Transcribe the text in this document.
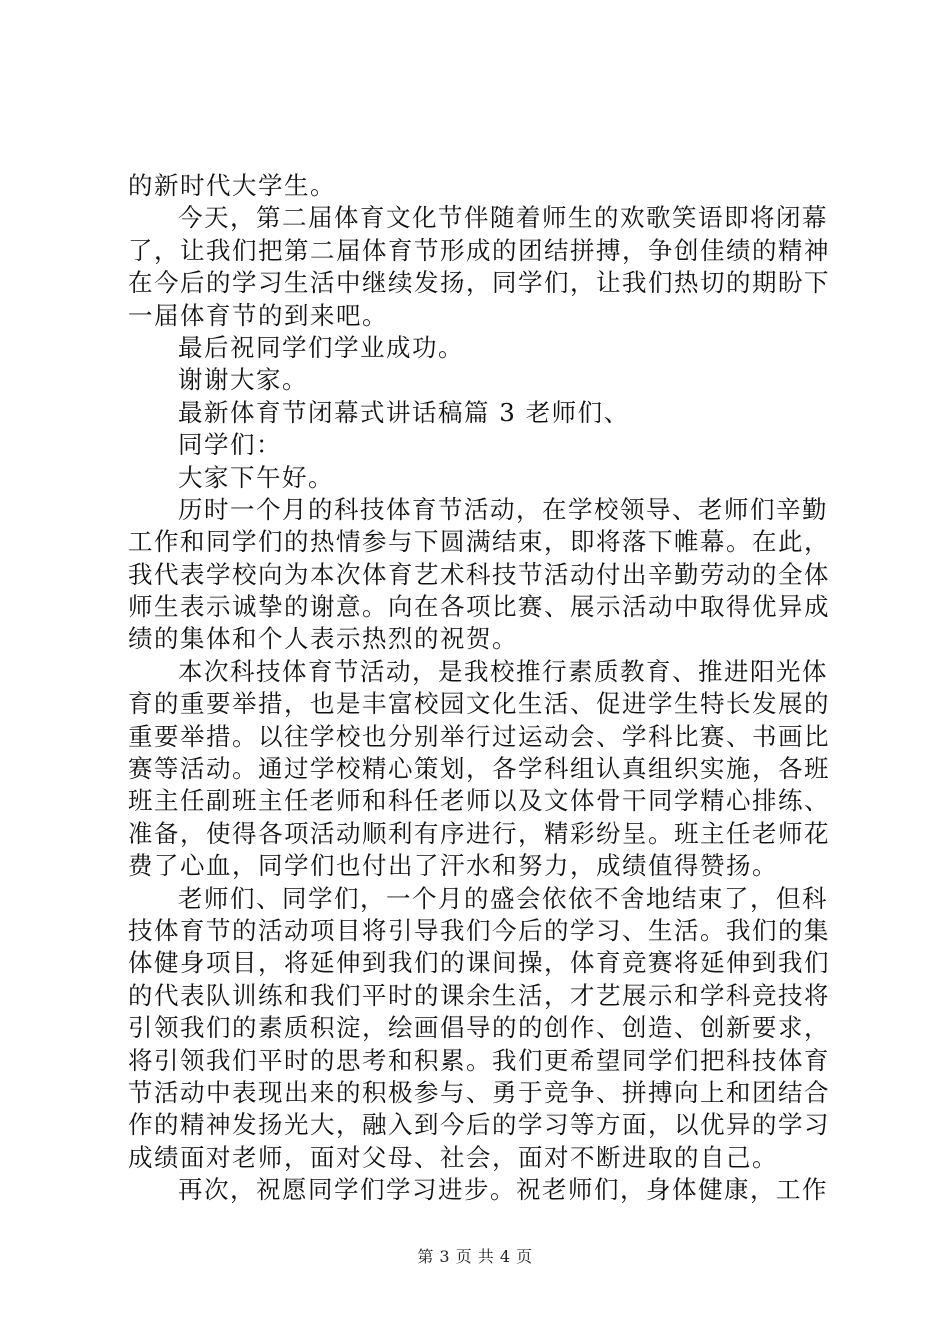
的新时代大学生。
今天，第二届体育文化节伴随着师生的欢歌笑语即将闭幕
了，让我们把第二届体育节形成的团结拼搏，争创佳绩的精神
在今后的学习生活中继续发扬，同学们，让我们热切的期盼下
一届体育节的到来吧。
最后祝同学们学业成功。
谢谢大家。
最新体育节闭幕式讲话稿篇 3 老师们、
同学们：
大家下午好。
历时一个月的科技体育节活动，在学校领导、老师们辛勤
工作和同学们的热情参与下圆满结束，即将落下帷幕。在此，
我代表学校向为本次体育艺术科技节活动付出辛勤劳动的全体
师生表示诚挚的谢意。向在各项比赛、展示活动中取得优异成
绩的集体和个人表示热烈的祝贺。
本次科技体育节活动，是我校推行素质教育、推进阳光体
育的重要举措，也是丰富校园文化生活、促进学生特长发展的
重要举措。以往学校也分别举行过运动会、学科比赛、书画比
赛等活动。通过学校精心策划，各学科组认真组织实施，各班
班主任副班主任老师和科任老师以及文体骨干同学精心排练、
准备，使得各项活动顺利有序进行，精彩纷呈。班主任老师花
费了心血，同学们也付出了汗水和努力，成绩值得赞扬。
老师们、同学们，一个月的盛会依依不舍地结束了，但科
技体育节的活动项目将引导我们今后的学习、生活。我们的集
体健身项目，将延伸到我们的课间操，体育竞赛将延伸到我们
的代表队训练和我们平时的课余生活，才艺展示和学科竞技将
引领我们的素质积淀，绘画倡导的的创作、创造、创新要求，
将引领我们平时的思考和积累。我们更希望同学们把科技体育
节活动中表现出来的积极参与、勇于竞争、拼搏向上和团结合
作的精神发扬光大，融入到今后的学习等方面，以优异的学习
成绩面对老师，面对父母、社会，面对不断进取的自己。
再次，祝愿同学们学习进步。祝老师们，身体健康，工作
第 3 页 共 4 页
